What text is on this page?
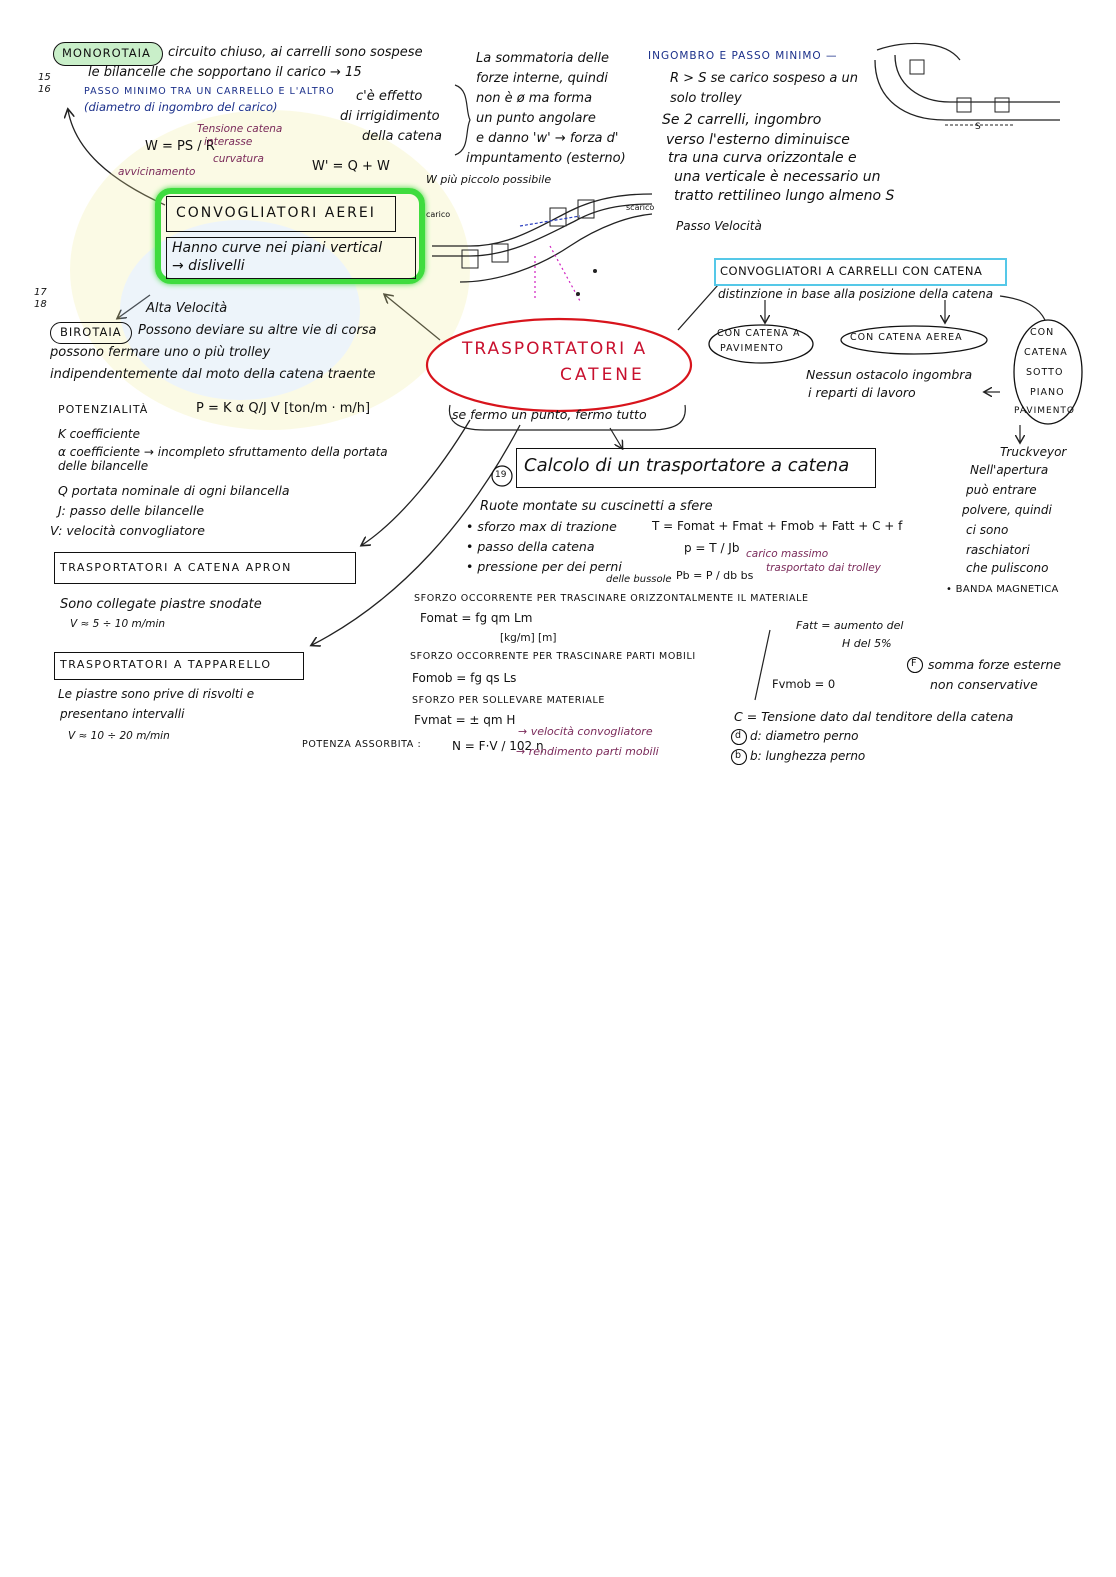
TRASPORTATORI A
CATENE
se fermo un punto, fermo tutto
CONVOGLIATORI AEREI
Hanno curve nei piani vertical
→ dislivelli
15 16
MONOROTAIA circuito chiuso, ai carrelli sono sospese
le bilancelle che sopportano il carico → 15
PASSO MINIMO TRA UN CARRELLO E L'ALTRO
(diametro di ingombro del carico)
W = PS / R
Tensione catena
interasse
curvatura
avvicinamento	W' = Q + W
c'è effetto
di irrigidimento
della catena
La sommatoria delle
forze interne, quindi
non è ø ma forma
un punto angolare
e danno 'w' → forza d'
impuntamento (esterno)
W più piccolo possibile
carico
scarico
INGOMBRO E PASSO MINIMO —
R > S se carico sospeso a un
solo trolley
Se 2 carrelli, ingombro
verso l'esterno diminuisce
tra una curva orizzontale e
una verticale è necessario un
tratto rettilineo lungo almeno S
Passo Velocità
S
17 18	Alta Velocità
BIROTAIA Possono deviare su altre vie di corsa
possono fermare uno o più trolley
indipendentemente dal moto della catena traente
POTENZIALITÀ	P = K α Q/J V [ton/m · m/h]
K coefficiente
α coefficiente → incompleto sfruttamento della portata delle bilancelle
Q portata nominale di ogni bilancella
J: passo delle bilancelle
V: velocità convogliatore
CONVOGLIATORI A CARRELLI CON CATENA
distinzione in base alla posizione della catena
CON CATENA A
PAVIMENTO
CON CATENA AEREA	CON
CATENA
SOTTO
PIANO
PAVIMENTO
Nessun ostacolo ingombra
i reparti di lavoro
Truckveyor
Nell'apertura
può entrare
polvere, quindi
ci sono
raschiatori
che puliscono
• BANDA MAGNETICA
19 Calcolo di un trasportatore a catena
Ruote montate su cuscinetti a sfere
• sforzo max di trazione	T = Fomat + Fmat + Fmob + Fatt + C + f
• passo della catena	p = T / Jb carico massimo
trasportato dai trolley
• pressione per dei perni
delle bussole Pb = P / db bs
SFORZO OCCORRENTE PER TRASCINARE ORIZZONTALMENTE IL MATERIALE
Fomat = fg qm Lm
[kg/m] [m]
Fatt = aumento del
H del 5%
SFORZO OCCORRENTE PER TRASCINARE PARTI MOBILI
Fomob = fg qs Ls	Fvmob = 0
SFORZO PER SOLLEVARE MATERIALE
Fvmat = ± qm H
F somma forze esterne
non conservative
C = Tensione dato dal tenditore della catena
d d: diametro perno
b b: lunghezza perno
POTENZA ASSORBITA :	N = F·V / 102 η
→ velocità convogliatore
→ rendimento parti mobili
TRASPORTATORI A CATENA APRON
Sono collegate piastre snodate
V ≈ 5 ÷ 10 m/min
TRASPORTATORI A TAPPARELLO
Le piastre sono prive di risvolti e
presentano intervalli
V ≈ 10 ÷ 20 m/min
